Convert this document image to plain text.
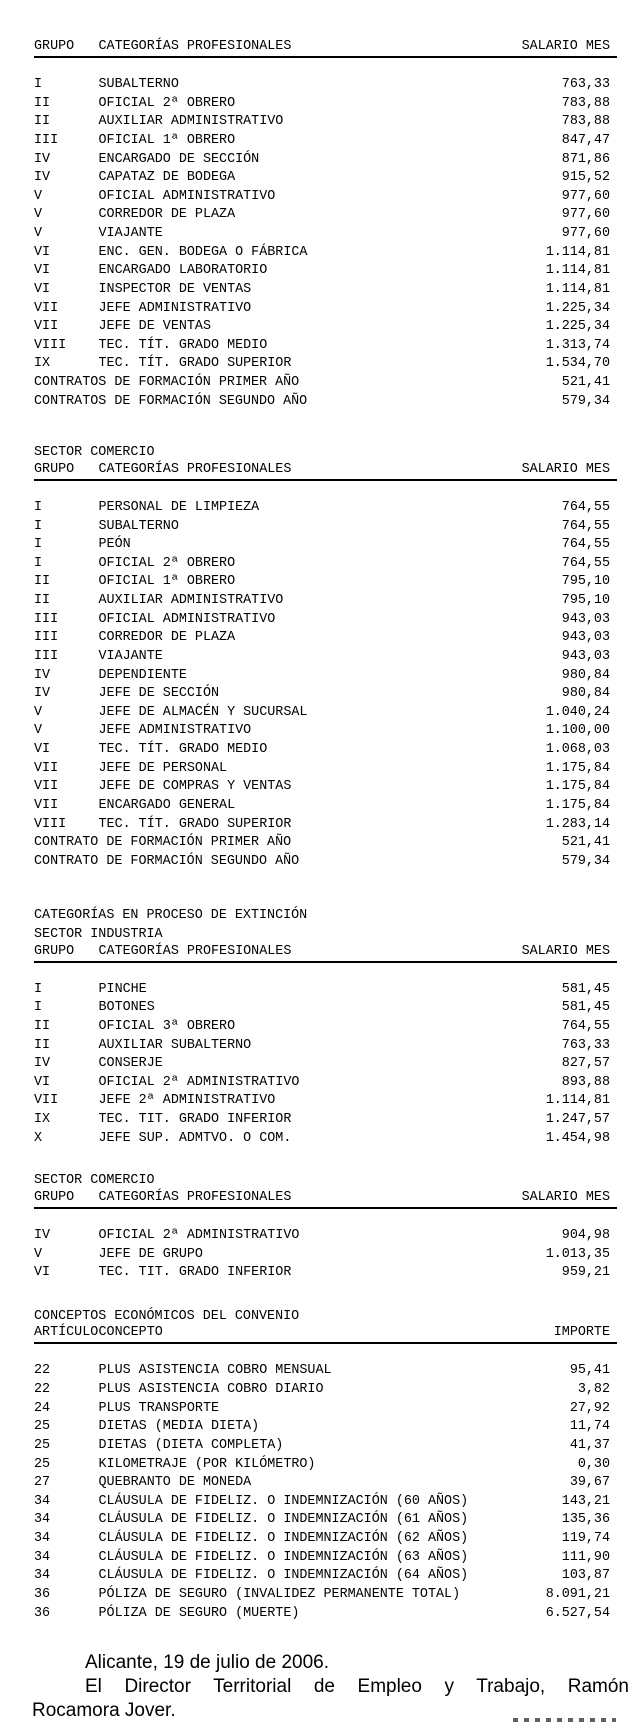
GRUPO	CATEGORÍAS PROFESIONALES	SALARIO MES
I	SUBALTERNO	763,33
II	OFICIAL 2ª OBRERO	783,88
II	AUXILIAR ADMINISTRATIVO	783,88
III	OFICIAL 1ª OBRERO	847,47
IV	ENCARGADO DE SECCIÓN	871,86
IV	CAPATAZ DE BODEGA	915,52
V	OFICIAL ADMINISTRATIVO	977,60
V	CORREDOR DE PLAZA	977,60
V	VIAJANTE	977,60
VI	ENC. GEN. BODEGA O FÁBRICA	1.114,81
VI	ENCARGADO LABORATORIO	1.114,81
VI	INSPECTOR DE VENTAS	1.114,81
VII	JEFE ADMINISTRATIVO	1.225,34
VII	JEFE DE VENTAS	1.225,34
VIII	TEC. TÍT. GRADO MEDIO	1.313,74
IX	TEC. TÍT. GRADO SUPERIOR	1.534,70
CONTRATOS DE FORMACIÓN PRIMER AÑO	521,41
CONTRATOS DE FORMACIÓN SEGUNDO AÑO	579,34
SECTOR COMERCIO
GRUPO	CATEGORÍAS PROFESIONALES	SALARIO MES
I	PERSONAL DE LIMPIEZA	764,55
I	SUBALTERNO	764,55
I	PEÓN	764,55
I	OFICIAL 2ª OBRERO	764,55
II	OFICIAL 1ª OBRERO	795,10
II	AUXILIAR ADMINISTRATIVO	795,10
III	OFICIAL ADMINISTRATIVO	943,03
III	CORREDOR DE PLAZA	943,03
III	VIAJANTE	943,03
IV	DEPENDIENTE	980,84
IV	JEFE DE SECCIÓN	980,84
V	JEFE DE ALMACÉN Y SUCURSAL	1.040,24
V	JEFE ADMINISTRATIVO	1.100,00
VI	TEC. TÍT. GRADO MEDIO	1.068,03
VII	JEFE DE PERSONAL	1.175,84
VII	JEFE DE COMPRAS Y VENTAS	1.175,84
VII	ENCARGADO GENERAL	1.175,84
VIII	TEC. TÍT. GRADO SUPERIOR	1.283,14
CONTRATO DE FORMACIÓN PRIMER AÑO	521,41
CONTRATO DE FORMACIÓN SEGUNDO AÑO	579,34
CATEGORÍAS EN PROCESO DE EXTINCIÓN
SECTOR INDUSTRIA
GRUPO	CATEGORÍAS PROFESIONALES	SALARIO MES
I	PINCHE	581,45
I	BOTONES	581,45
II	OFICIAL 3ª OBRERO	764,55
II	AUXILIAR SUBALTERNO	763,33
IV	CONSERJE	827,57
VI	OFICIAL 2ª ADMINISTRATIVO	893,88
VII	JEFE 2ª ADMINISTRATIVO	1.114,81
IX	TEC. TIT. GRADO INFERIOR	1.247,57
X	JEFE SUP. ADMTVO. O COM.	1.454,98
SECTOR COMERCIO
GRUPO	CATEGORÍAS PROFESIONALES	SALARIO MES
IV	OFICIAL 2ª ADMINISTRATIVO	904,98
V	JEFE DE GRUPO	1.013,35
VI	TEC. TIT. GRADO INFERIOR	959,21
CONCEPTOS ECONÓMICOS DEL CONVENIO
ARTÍCULO CONCEPTO	IMPORTE
22	PLUS ASISTENCIA COBRO MENSUAL	95,41
22	PLUS ASISTENCIA COBRO DIARIO	3,82
24	PLUS TRANSPORTE	27,92
25	DIETAS (MEDIA DIETA)	11,74
25	DIETAS (DIETA COMPLETA)	41,37
25	KILOMETRAJE (POR KILÓMETRO)	0,30
27	QUEBRANTO DE MONEDA	39,67
34	CLÁUSULA DE FIDELIZ. O INDEMNIZACIÓN (60 AÑOS)	143,21
34	CLÁUSULA DE FIDELIZ. O INDEMNIZACIÓN (61 AÑOS)	135,36
34	CLÁUSULA DE FIDELIZ. O INDEMNIZACIÓN (62 AÑOS)	119,74
34	CLÁUSULA DE FIDELIZ. O INDEMNIZACIÓN (63 AÑOS)	111,90
34	CLÁUSULA DE FIDELIZ. O INDEMNIZACIÓN (64 AÑOS)	103,87
36	PÓLIZA DE SEGURO (INVALIDEZ PERMANENTE TOTAL)	8.091,21
36	PÓLIZA DE SEGURO (MUERTE)	6.527,54
Alicante, 19 de julio de 2006.
El Director Territorial de Empleo y Trabajo, Ramón
Rocamora Jover.
